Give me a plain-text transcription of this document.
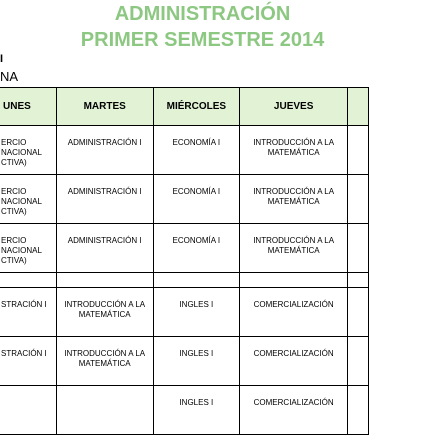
ADMINISTRACIÓN
PRIMER SEMESTRE 2014
I
NA
UNES	MARTES	MIÉRCOLES	JUEVES	

ERCIO
NACIONAL
CTIVA)	ADMINISTRACIÓN I	ECONOMÍA I	INTRODUCCIÓN A LA
MATEMÁTICA	

ERCIO
NACIONAL
CTIVA)	ADMINISTRACIÓN I	ECONOMÍA I	INTRODUCCIÓN A LA
MATEMÁTICA	

ERCIO
NACIONAL
CTIVA)	ADMINISTRACIÓN I	ECONOMÍA I	INTRODUCCIÓN A LA
MATEMÁTICA	

STRACIÓN I	INTRODUCCIÓN A LA
MATEMÁTICA	INGLES I	COMERCIALIZACIÓN	

STRACIÓN I	INTRODUCCIÓN A LA
MATEMÁTICA	INGLES I	COMERCIALIZACIÓN	

		INGLES I	COMERCIALIZACIÓN	
